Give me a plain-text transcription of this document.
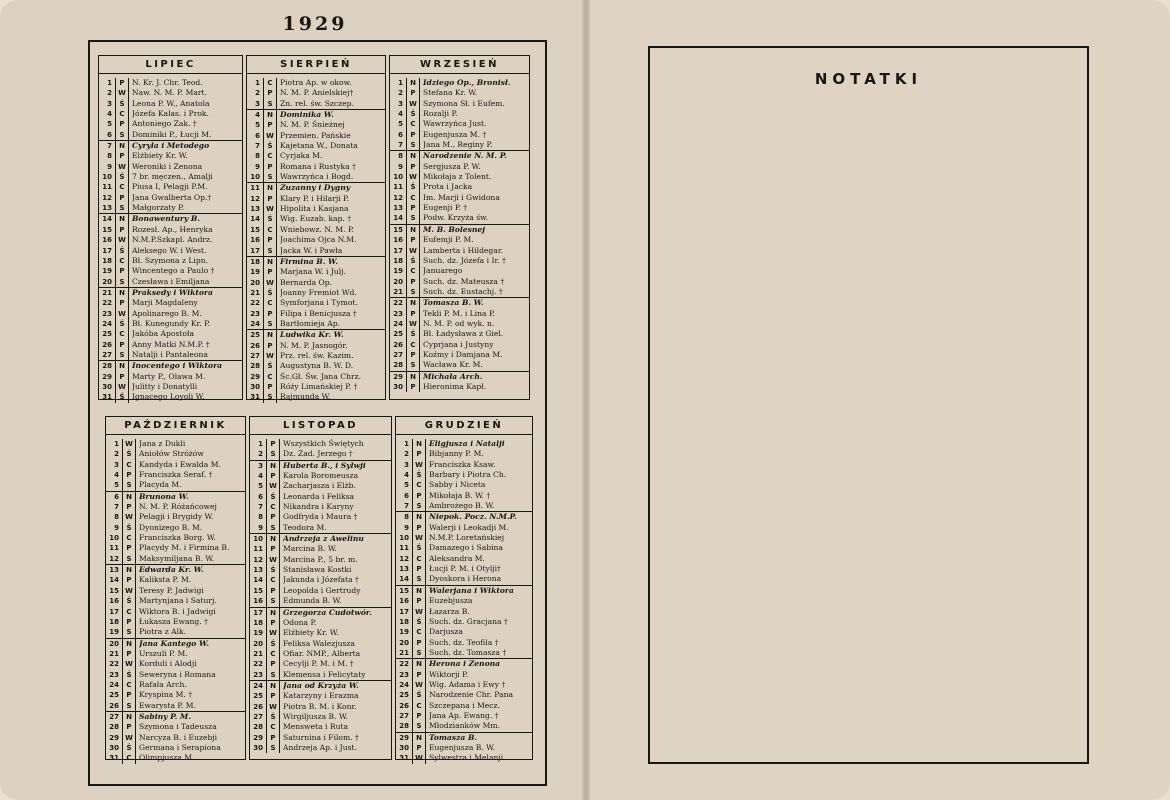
1929
LIPIEC
1	P N. Kr. J. Chr. Teod.
2 W Naw. N. M. P. Mart.
3	Ś Leona P. W., Anatola
4	C Józefa Kalas. i Prok.
5	P Antoniego Zak. †
6	S Dominiki P., Łucji M.
7	N Cyryla i Metodego
8	P Elżbiety Kr. W.
9 W Weroniki i Zenona
10	Ś 7 br. męczen., Amalji
11	C Piusa I, Pelagji P.M.
12	P Jana Gwalberta Op.†
13	S Małgorzaty P.
14	N Bonawentury B.
15	P Rozesł. Ap., Henryka
16 W N.M.P.Szkapl. Andrz.
17	Ś Aleksego W. i West.
18	C Bł. Szymona z Lipn.
19	P Wincentego a Paulo †
20	S Czesława i Emiljana
21	N Praksedy i Wiktora
22	P Marji Magdaleny
23 W Apolinarego B. M.
24	Ś Bł. Kunegundy Kr. P.
25	C Jakóba Apostoła
26	P Anny Matki N.M.P. †
27	S Natalji i Pantaleona
28	N Inocentego i Wiktora
29	P Marty P., Olawa M.
30 W Julitty i Donatylli
31	Ś Ignacego Loyoli W.
SIERPIEŃ
1	C Piotra Ap. w okow.
2	P N. M. P. Anielskiej†
3	S Zn. rel. św. Szczep.
4	N Dominika W.
5	P N. M. P. Śnieżnej
6 W Przemien. Pańskie
7	Ś Kajetana W., Donata
8	C Cyrjaka M.
9	P Romana i Rustyka †
10	S Wawrzyńca i Bogd.
11	N Zuzanny i Dygny
12	P Klary P. i Hilarji P.
13 W Hipolita i Kasjana
14	Ś Wig. Euzab. kap. †
15	C Wniebowz. N. M. P.
16	P Joachima Ojca N.M.
17	S Jacka W. i Pawła
18	N Firmina B. W.
19	P Marjana W. i Julj.
20 W Bernarda Op.
21	Ś Joanny Fremiot Wd.
22	C Symforjana i Tymot.
23	P Filipa i Benicjusza †
24	S Bartłomieja Ap.
25	N Ludwika Kr. W.
26	P N. M. P. Jasnogór.
27 W Prz. rel. św. Kazim.
28	Ś Augustyna B. W. D.
29	C Śc.Gł. Św. Jana Chrz.
30	P Róży Limańskiej P. †
31	S Rajmunda W.
WRZESIEŃ
1	N Idziego Op., Bronisł.
2	P Stefana Kr. W.
3 W Szymona Sł. i Eufem.
4	Ś Rozalji P.
5	C Wawrzyńca Just.
6	P Eugenjusza M. †
7	S Jana M., Reginy P.
8	N Narodzenie N. M. P.
9	P Sergjusza P. W.
10 W Mikołaja z Tolent.
11	Ś Prota i Jacka
12	C Im. Marji i Gwidona
13	P Eugenji P. †
14	S Podw. Krzyża św.
15	N M. B. Bolesnej
16	P Eufemji P. M.
17 W Lamberta i Hildegar.
18	Ś Such. dz. Józefa i Ir. †
19	C Januarego
20	P Such. dz. Mateusza †
21	S Such. dz. Eustachj. †
22	N Tomasza B. W.
23	P Tekli P. M. i Lina P.
24 W N. M. P. od wyk. n.
25	Ś Bł. Ładysława z Giel.
26	C Cyprjana i Justyny
27	P Koźmy i Damjana M.
28	S Wacława Kr. M.
29	N Michała Arch.
30	P Hieronima Kapł.
PAŹDZIERNIK
1 W Jana z Dukli
2	Ś Aniołów Stróżów
3	C Kandyda i Ewalda M.
4	P Franciszka Seraf. †
5	S Placyda M.
6	N Brunona W.
7	P N. M. P. Różańcowej
8 W Pelagji i Brygidy W.
9	Ś Dyonizego B. M.
10	C Franciszka Borg. W.
11	P Placydy M. i Firmina B.
12	S Maksymiljana B. W.
13	N Edwarda Kr. W.
14	P Kaliksta P. M.
15 W Teresy P. Jadwigi
16	Ś Martynjana i Saturj.
17	C Wiktora B. i Jadwigi
18	P Łukasza Ewang. †
19	S Piotra z Alk.
20	N Jana Kantego W.
21	P Urszuli P. M.
22 W Korduli i Alodji
23	Ś Seweryna i Romana
24	C Rafała Arch.
25	P Kryspina M. †
26	S Ewarysta P. M.
27	N Sabiny P. M.
28	P Szymona i Tadeusza
29 W Narcyza B. i Euzebji
30	Ś Germana i Serapiona
31	C Olimpjusza M.
LISTOPAD
1	P Wszystkich Świętych
2	S Dz. Zad. Jerzego †
3	N Huberta B., i Sylwji
4	P Karola Boromeusza
5 W Zacharjasza i Elżb.
6	Ś Leonarda i Feliksa
7	C Nikandra i Karyny
8	P Godfryda i Maura †
9	S Teodora M.
10	N Andrzeja z Awelinu
11	P Marcina B. W.
12 W Marcina P., 5 br. m.
13	Ś Stanisława Kostki
14	C Jakunda i Józefata †
15	P Leopolda i Gertrudy
16	S Edmunda B. W.
17	N Grzegorza Cudotwór.
18	P Odona P.
19 W Elżbiety Kr. W.
20	Ś Feliksa Walezjusza
21	C Ofiar. NMP., Alberta
22	P Cecylji P. M. i M. †
23	S Klemensa i Felicytaty
24	N Jana od Krzyża W.
25	P Katarzyny i Erazma
26 W Piotra B. M. i Konr.
27	Ś Wirgiljusza B. W.
28	C Mensweta i Ruta
29	P Saturnina i Filom. †
30	S Andrzeja Ap. i Just.
GRUDZIEŃ
1	N Eligjusza i Natalji
2	P Bibjanny P. M.
3 W Franciszka Ksaw.
4	Ś Barbary i Piotra Ch.
5	C Sabby i Niceta
6	P Mikołaja B. W. †
7	S Ambrożego B. W.
8	N Niepok. Pocz. N.M.P.
9	P Walerji i Leokadji M.
10 W N.M.P. Loretańskiej
11	Ś Damazego i Sabina
12	C Aleksandra M.
13	P Łucji P. M. i Otylji†
14	S Dyoskora i Herona
15	N Walerjana i Wiktora
16	P Euzebjusza
17 W Łazarza B.
18	Ś Such. dz. Gracjana †
19	C Darjusza
20	P Such. dz. Teofila †
21	S Such. dz. Tomasza †
22	N Herona i Zenona
23	P Wiktorji P.
24 W Wig. Adama i Ewy †
25	Ś Narodzenie Chr. Pana
26	C Szczepana i Mecz.
27	P Jana Ap. Ewang. †
28	S Młodzianków Mm.
29	N Tomasza B.
30	P Eugenjusza B. W.
31 W Sylwestra i Melanji
NOTATKI
